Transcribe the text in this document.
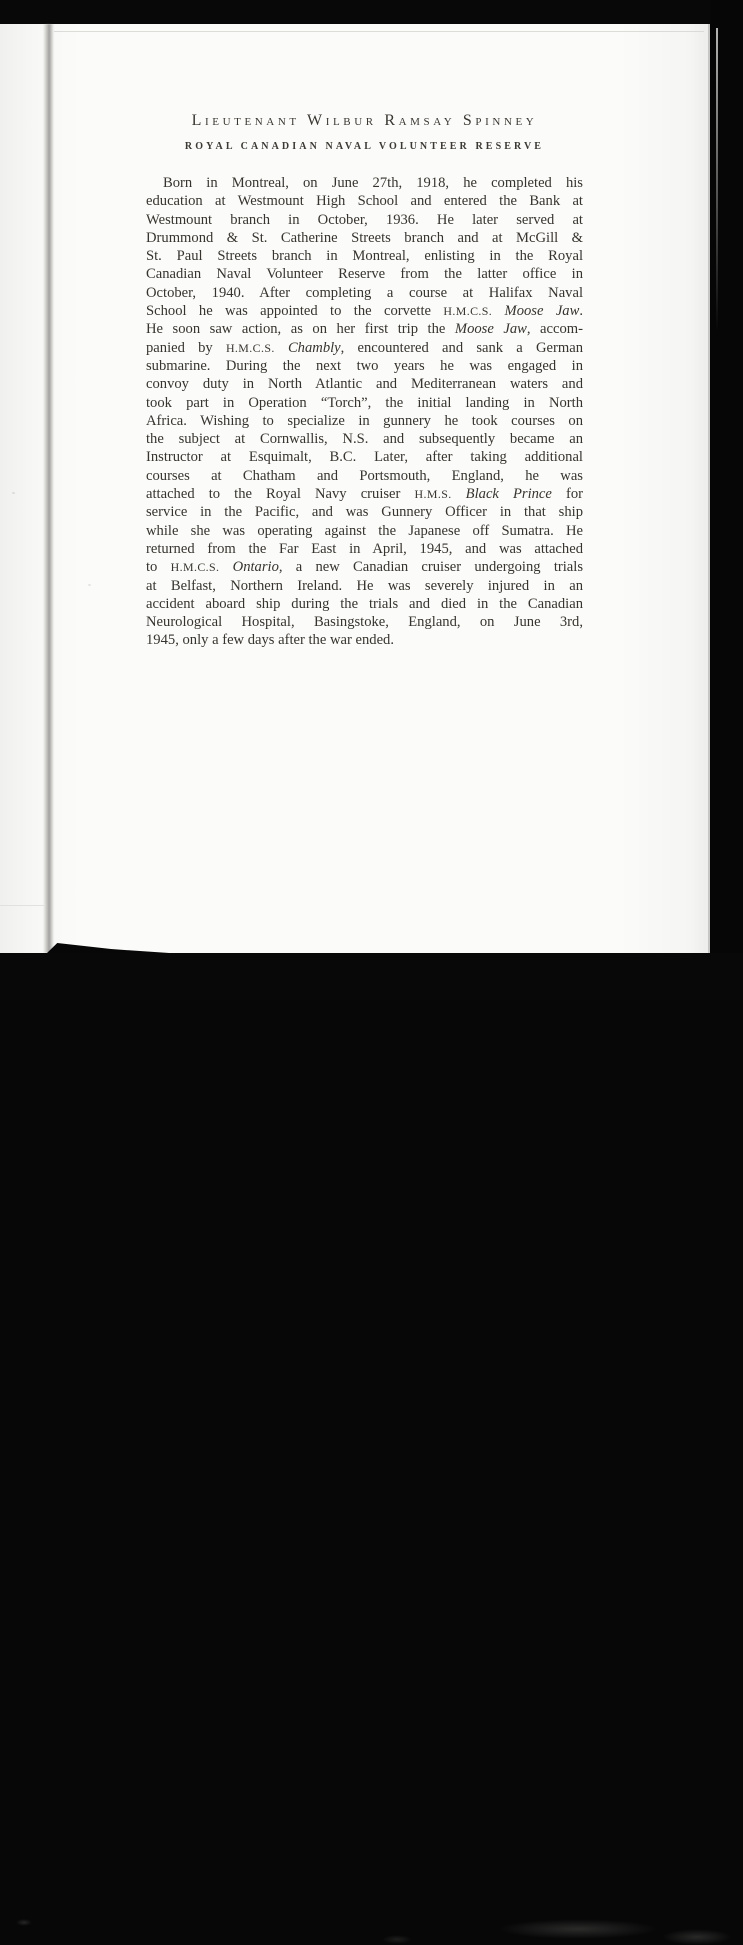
Lieutenant Wilbur Ramsay Spinney
ROYAL CANADIAN NAVAL VOLUNTEER RESERVE
Born in Montreal, on June 27th, 1918, he completed his
education at Westmount High School and entered the Bank at
Westmount branch in October, 1936. He later served at
Drummond & St. Catherine Streets branch and at McGill &
St. Paul Streets branch in Montreal, enlisting in the Royal
Canadian Naval Volunteer Reserve from the latter office in
October, 1940. After completing a course at Halifax Naval
School he was appointed to the corvette H.M.C.S. Moose Jaw.
He soon saw action, as on her first trip the Moose Jaw, accom-
panied by H.M.C.S. Chambly, encountered and sank a German
submarine. During the next two years he was engaged in
convoy duty in North Atlantic and Mediterranean waters and
took part in Operation “Torch”, the initial landing in North
Africa. Wishing to specialize in gunnery he took courses on
the subject at Cornwallis, N.S. and subsequently became an
Instructor at Esquimalt, B.C. Later, after taking additional
courses at Chatham and Portsmouth, England, he was
attached to the Royal Navy cruiser H.M.S. Black Prince for
service in the Pacific, and was Gunnery Officer in that ship
while she was operating against the Japanese off Sumatra. He
returned from the Far East in April, 1945, and was attached
to H.M.C.S. Ontario, a new Canadian cruiser undergoing trials
at Belfast, Northern Ireland. He was severely injured in an
accident aboard ship during the trials and died in the Canadian
Neurological Hospital, Basingstoke, England, on June 3rd,
1945, only a few days after the war ended.
